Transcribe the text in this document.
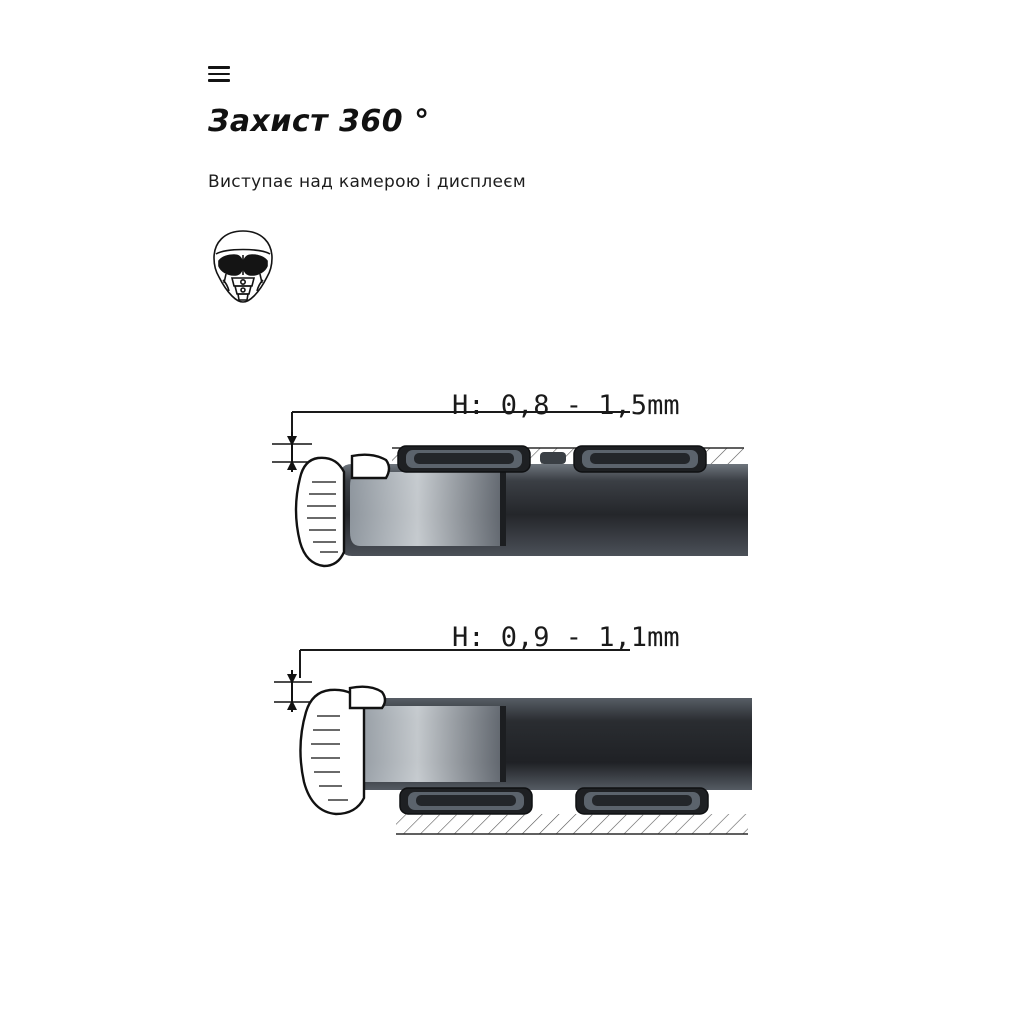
Захист 360 °
Виступає над камерою і дисплеєм
H: 0,8 - 1,5mm
H: 0,9 - 1,1mm
